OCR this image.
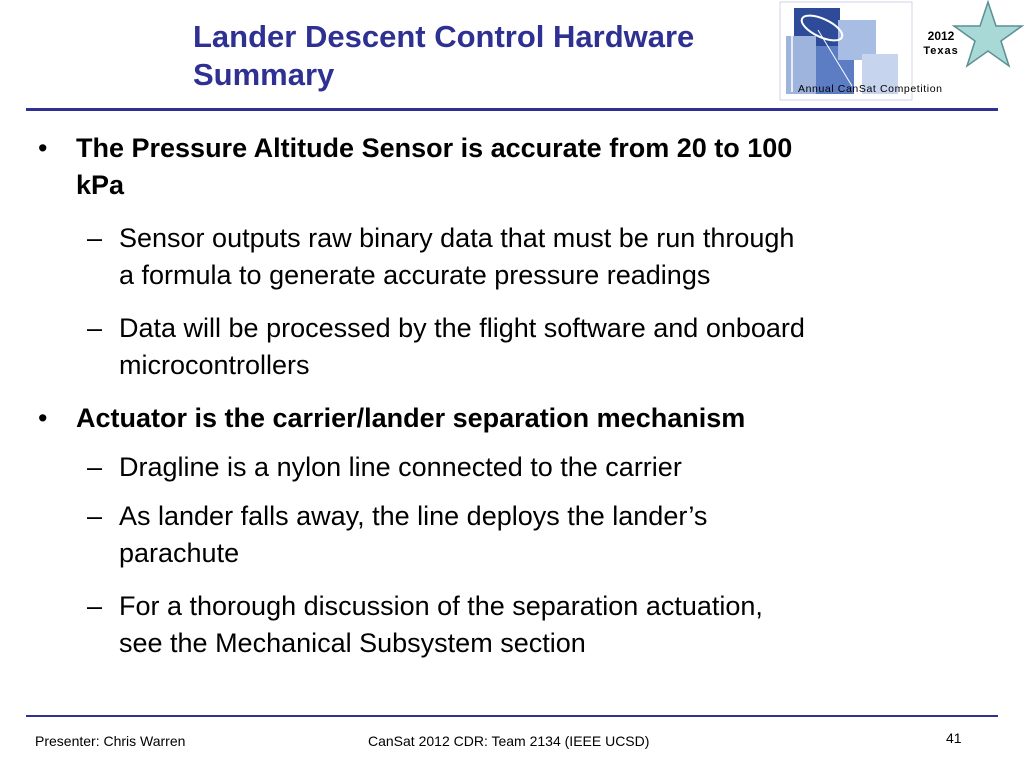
Lander Descent Control Hardware
Summary
2012
Texas
Annual CanSat Competition
•	The Pressure Altitude Sensor is accurate from 20 to 100
kPa
– Sensor outputs raw binary data that must be run through
a formula to generate accurate pressure readings
– Data will be processed by the flight software and onboard
microcontrollers
•	Actuator is the carrier/lander separation mechanism
– Dragline is a nylon line connected to the carrier
– As lander falls away, the line deploys the lander’s
parachute
– For a thorough discussion of the separation actuation,
see the Mechanical Subsystem section
Presenter: Chris Warren	CanSat 2012 CDR: Team 2134 (IEEE UCSD)	41
